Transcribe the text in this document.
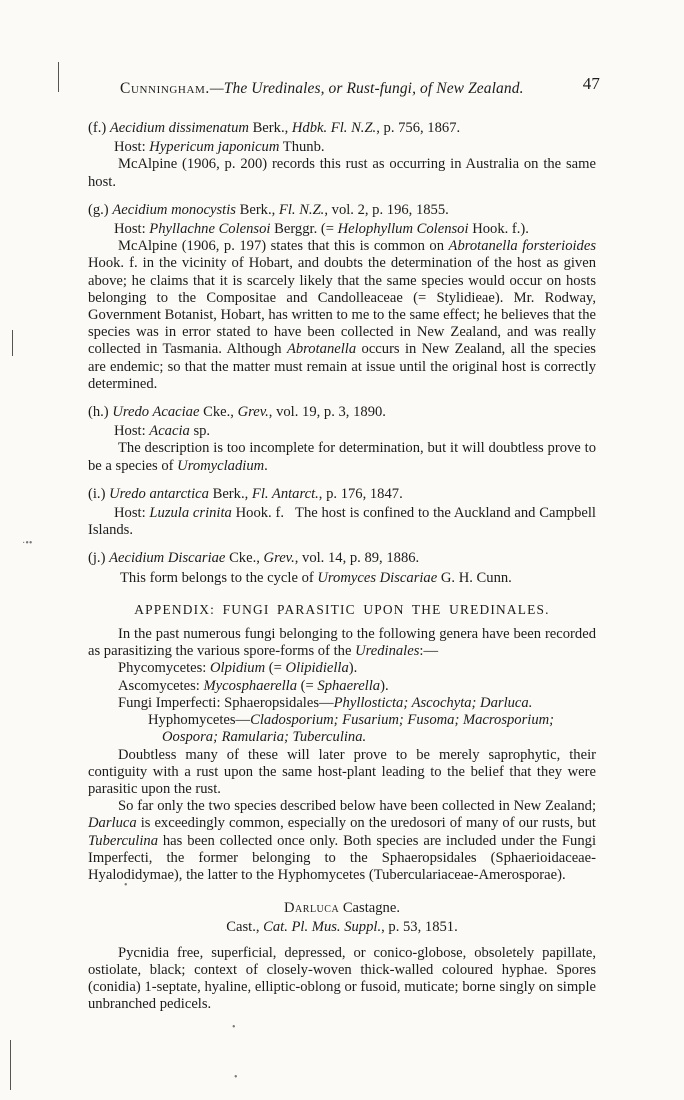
Cunningham.—The Uredinales, or Rust-fungi, of New Zealand.	47

(f.) Aecidium dissimenatum Berk., Hdbk. Fl. N.Z., p. 756, 1867.

Host: Hypericum japonicum Thunb.

McAlpine (1906, p. 200) records this rust as occurring in Australia on the same host.

(g.) Aecidium monocystis Berk., Fl. N.Z., vol. 2, p. 196, 1855.

Host: Phyllachne Colensoi Berggr. (= Helophyllum Colensoi Hook. f.).

McAlpine (1906, p. 197) states that this is common on Abrotanella forsterioides Hook. f. in the vicinity of Hobart, and doubts the determination of the host as given above; he claims that it is scarcely likely that the same species would occur on hosts belonging to the Compositae and Candolleaceae (= Stylidieae). Mr. Rodway, Government Botanist, Hobart, has written to me to the same effect; he believes that the species was in error stated to have been collected in New Zealand, and was really collected in Tasmania. Although Abrotanella occurs in New Zealand, all the species are endemic; so that the matter must remain at issue until the original host is correctly determined.

(h.) Uredo Acaciae Cke., Grev., vol. 19, p. 3, 1890.

Host: Acacia sp.

The description is too incomplete for determination, but it will doubtless prove to be a species of Uromycladium.

(i.) Uredo antarctica Berk., Fl. Antarct., p. 176, 1847.

Host: Luzula crinita Hook. f.   The host is confined to the Auckland and Campbell Islands.

(j.) Aecidium Discariae Cke., Grev., vol. 14, p. 89, 1886.

This form belongs to the cycle of Uromyces Discariae G. H. Cunn.

APPENDIX: FUNGI PARASITIC UPON THE UREDINALES.

In the past numerous fungi belonging to the following genera have been recorded as parasitizing the various spore-forms of the Uredinales:—

Phycomycetes: Olpidium (= Olipidiella).

Ascomycetes: Mycosphaerella (= Sphaerella).

Fungi Imperfecti: Sphaeropsidales—Phyllosticta; Ascochyta; Darluca.

Hyphomycetes—Cladosporium; Fusarium; Fusoma; Macrosporium;

Oospora; Ramularia; Tuberculina.

Doubtless many of these will later prove to be merely saprophytic, their contiguity with a rust upon the same host-plant leading to the belief that they were parasitic upon the rust.

So far only the two species described below have been collected in New Zealand; Darluca is exceedingly common, especially on the uredosori of many of our rusts, but Tuberculina has been collected once only. Both species are included under the Fungi Imperfecti, the former belonging to the Sphaeropsidales (Sphaerioidaceae-Hyalodidymae), the latter to the Hyphomycetes (Tuberculariaceae-Amerosporae).

Darluca Castagne.

Cast., Cat. Pl. Mus. Suppl., p. 53, 1851.

Pycnidia free, superficial, depressed, or conico-globose, obsoletely papillate, ostiolate, black; context of closely-woven thick-walled coloured hyphae. Spores (conidia) 1-septate, hyaline, elliptic-oblong or fusoid, muticate; borne singly on simple unbranched pedicels.

·••
•
•
•
